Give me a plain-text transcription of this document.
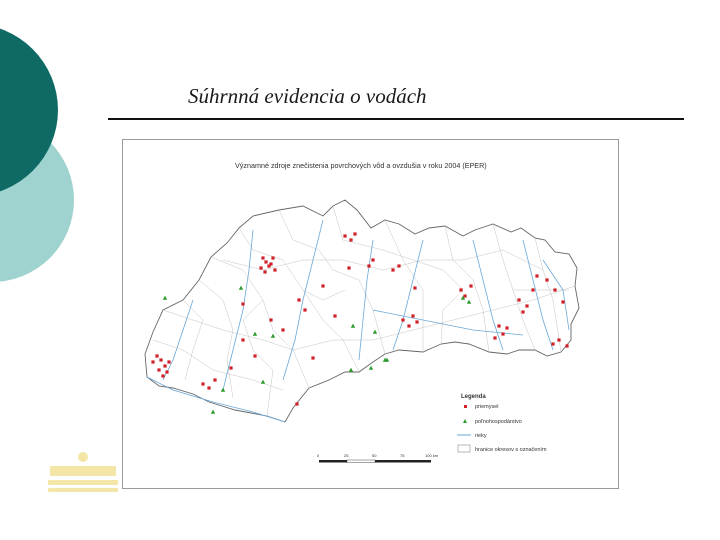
Súhrnná evidencia o vodách
Významné zdroje znečistenia povrchových vôd a ovzdušia v roku 2004 (EPER)
Legenda
priemysel
poľnohospodárstvo
rieky
hranice okresov s označením
0	25	50	75	100 km
